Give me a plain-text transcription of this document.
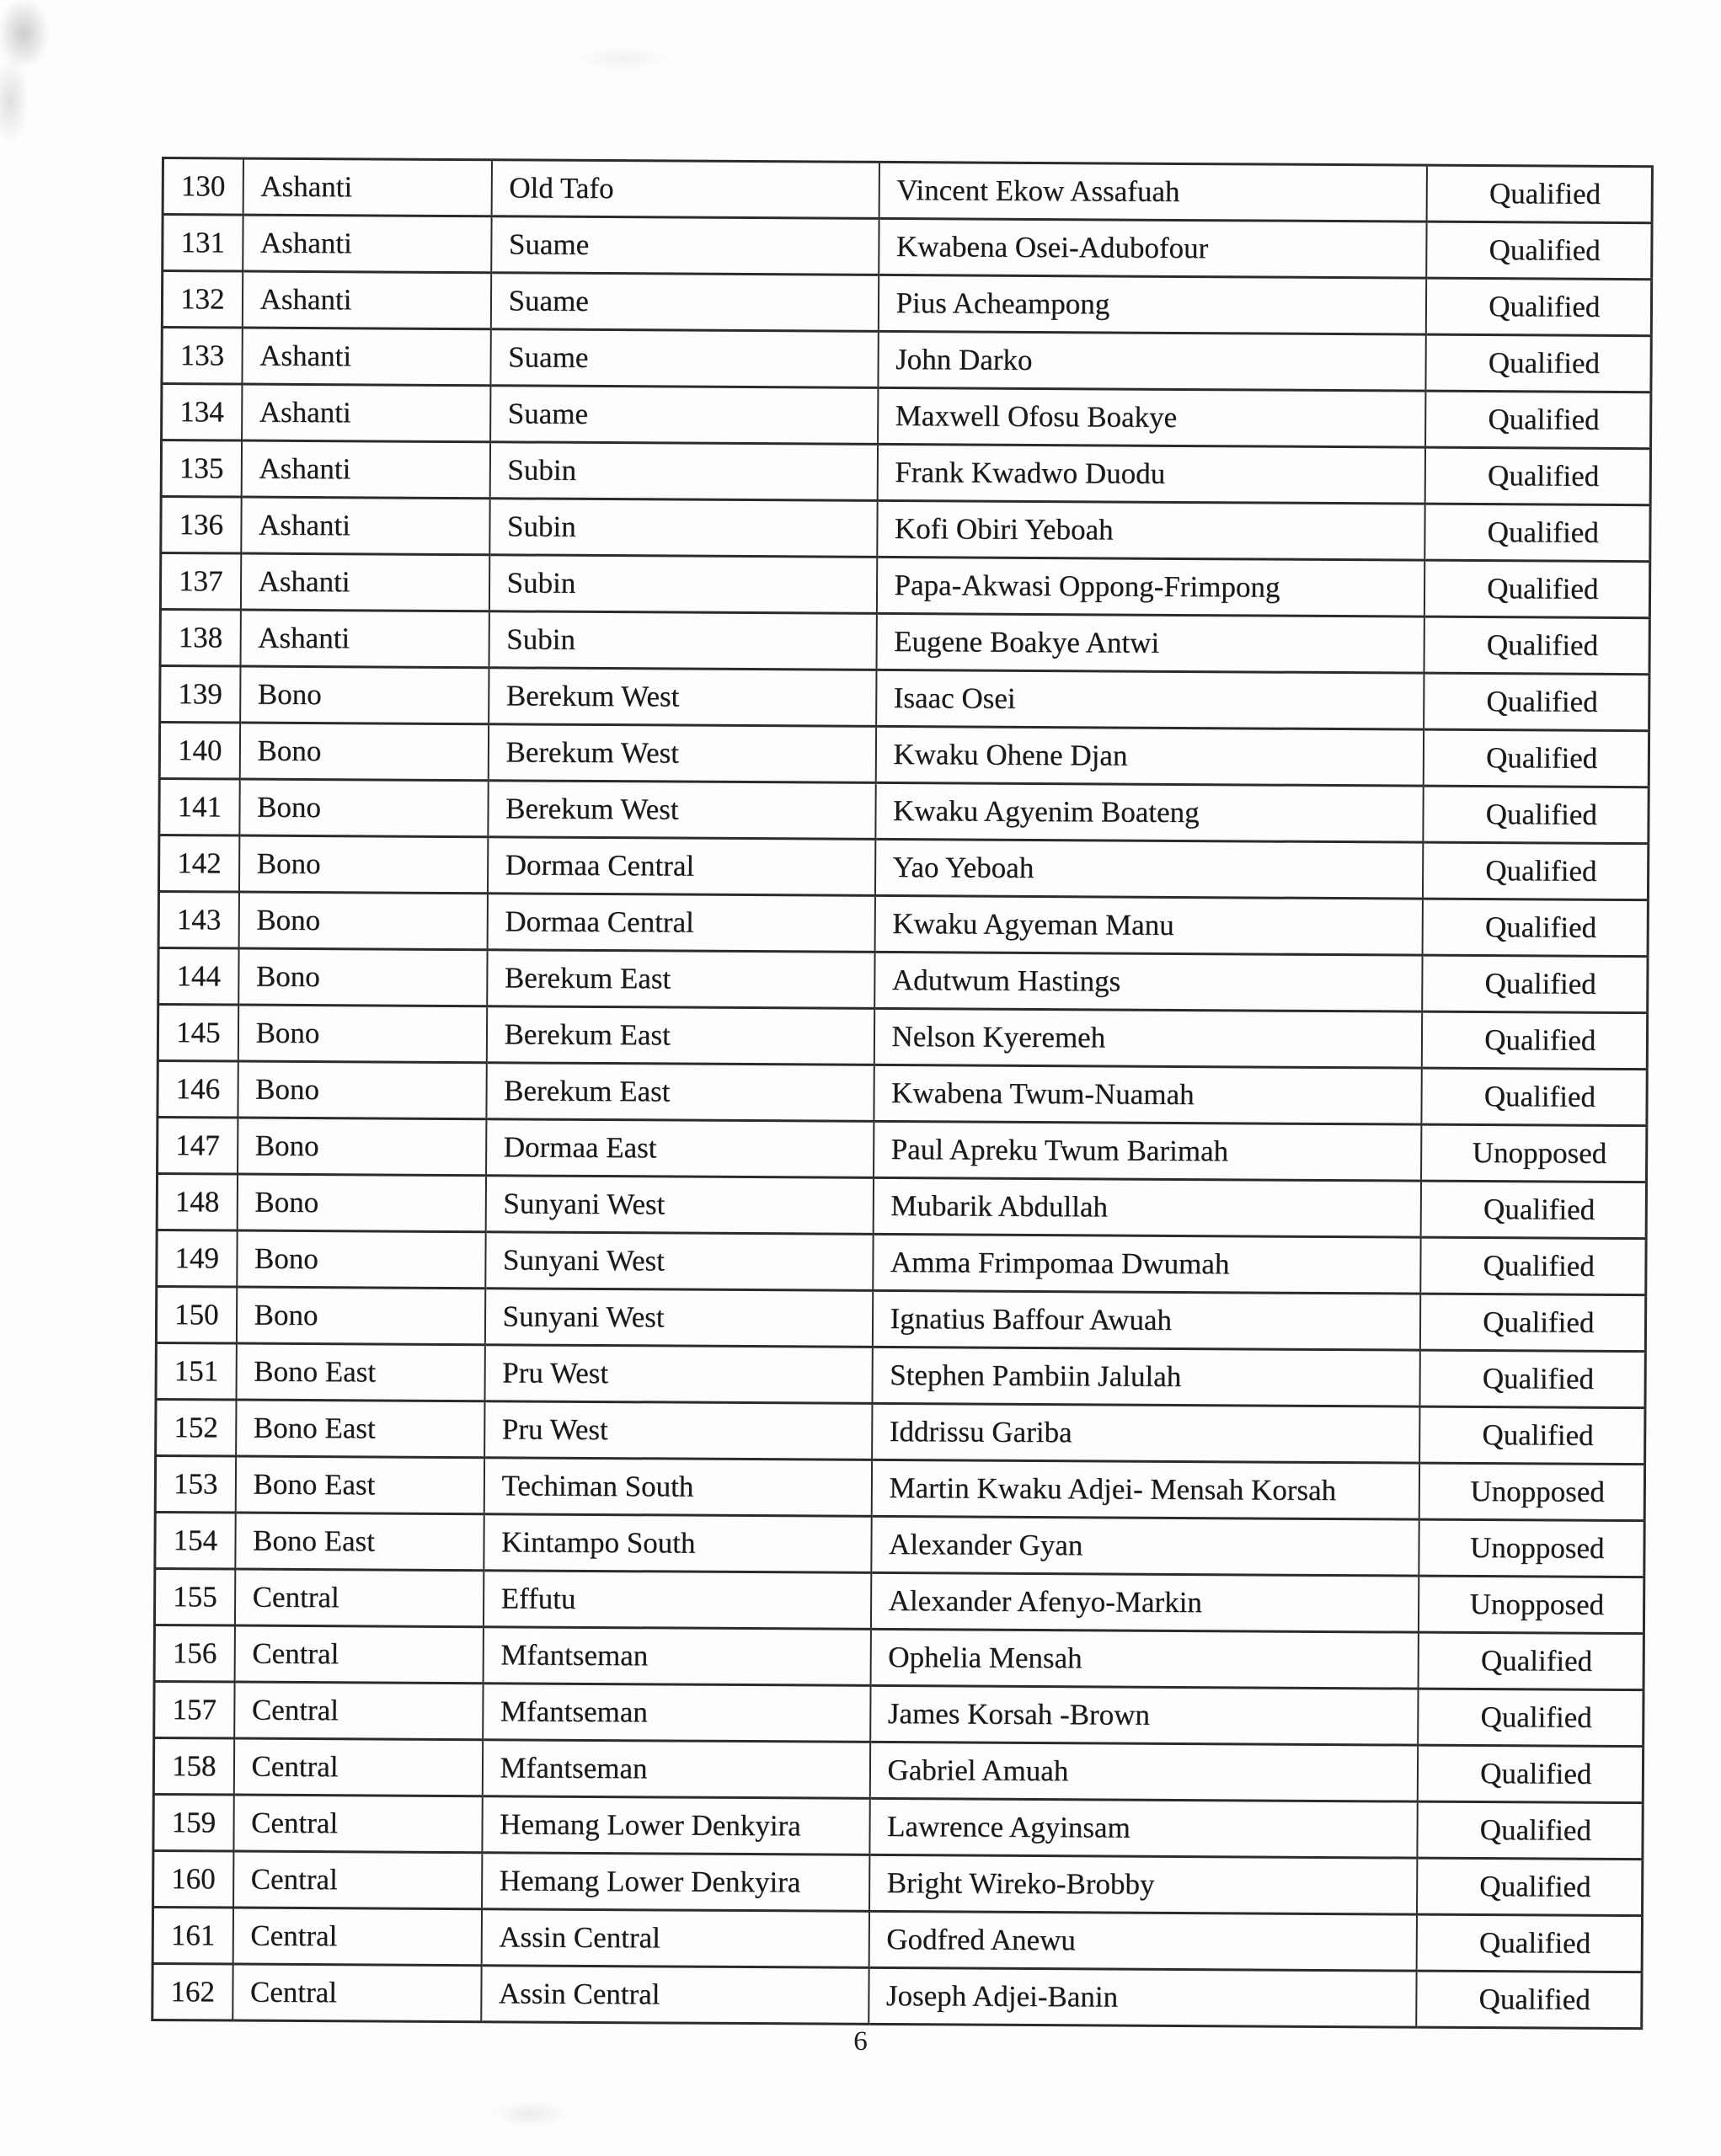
130	Ashanti	Old Tafo	Vincent Ekow Assafuah	Qualified
131	Ashanti	Suame	Kwabena Osei-Adubofour	Qualified
132	Ashanti	Suame	Pius Acheampong	Qualified
133	Ashanti	Suame	John Darko	Qualified
134	Ashanti	Suame	Maxwell Ofosu Boakye	Qualified
135	Ashanti	Subin	Frank Kwadwo Duodu	Qualified
136	Ashanti	Subin	Kofi Obiri Yeboah	Qualified
137	Ashanti	Subin	Papa-Akwasi Oppong-Frimpong	Qualified
138	Ashanti	Subin	Eugene Boakye Antwi	Qualified
139	Bono	Berekum West	Isaac Osei	Qualified
140	Bono	Berekum West	Kwaku Ohene Djan	Qualified
141	Bono	Berekum West	Kwaku Agyenim Boateng	Qualified
142	Bono	Dormaa Central	Yao Yeboah	Qualified
143	Bono	Dormaa Central	Kwaku Agyeman Manu	Qualified
144	Bono	Berekum East	Adutwum Hastings	Qualified
145	Bono	Berekum East	Nelson Kyeremeh	Qualified
146	Bono	Berekum East	Kwabena Twum-Nuamah	Qualified
147	Bono	Dormaa East	Paul Apreku Twum Barimah	Unopposed
148	Bono	Sunyani West	Mubarik Abdullah	Qualified
149	Bono	Sunyani West	Amma Frimpomaa Dwumah	Qualified
150	Bono	Sunyani West	Ignatius Baffour Awuah	Qualified
151	Bono East	Pru West	Stephen Pambiin Jalulah	Qualified
152	Bono East	Pru West	Iddrissu Gariba	Qualified
153	Bono East	Techiman South	Martin Kwaku Adjei- Mensah Korsah	Unopposed
154	Bono East	Kintampo South	Alexander Gyan	Unopposed
155	Central	Effutu	Alexander Afenyo-Markin	Unopposed
156	Central	Mfantseman	Ophelia Mensah	Qualified
157	Central	Mfantseman	James Korsah -Brown	Qualified
158	Central	Mfantseman	Gabriel Amuah	Qualified
159	Central	Hemang Lower Denkyira	Lawrence Agyinsam	Qualified
160	Central	Hemang Lower Denkyira	Bright Wireko-Brobby	Qualified
161	Central	Assin Central	Godfred Anewu	Qualified
162	Central	Assin Central	Joseph Adjei-Banin	Qualified
6
